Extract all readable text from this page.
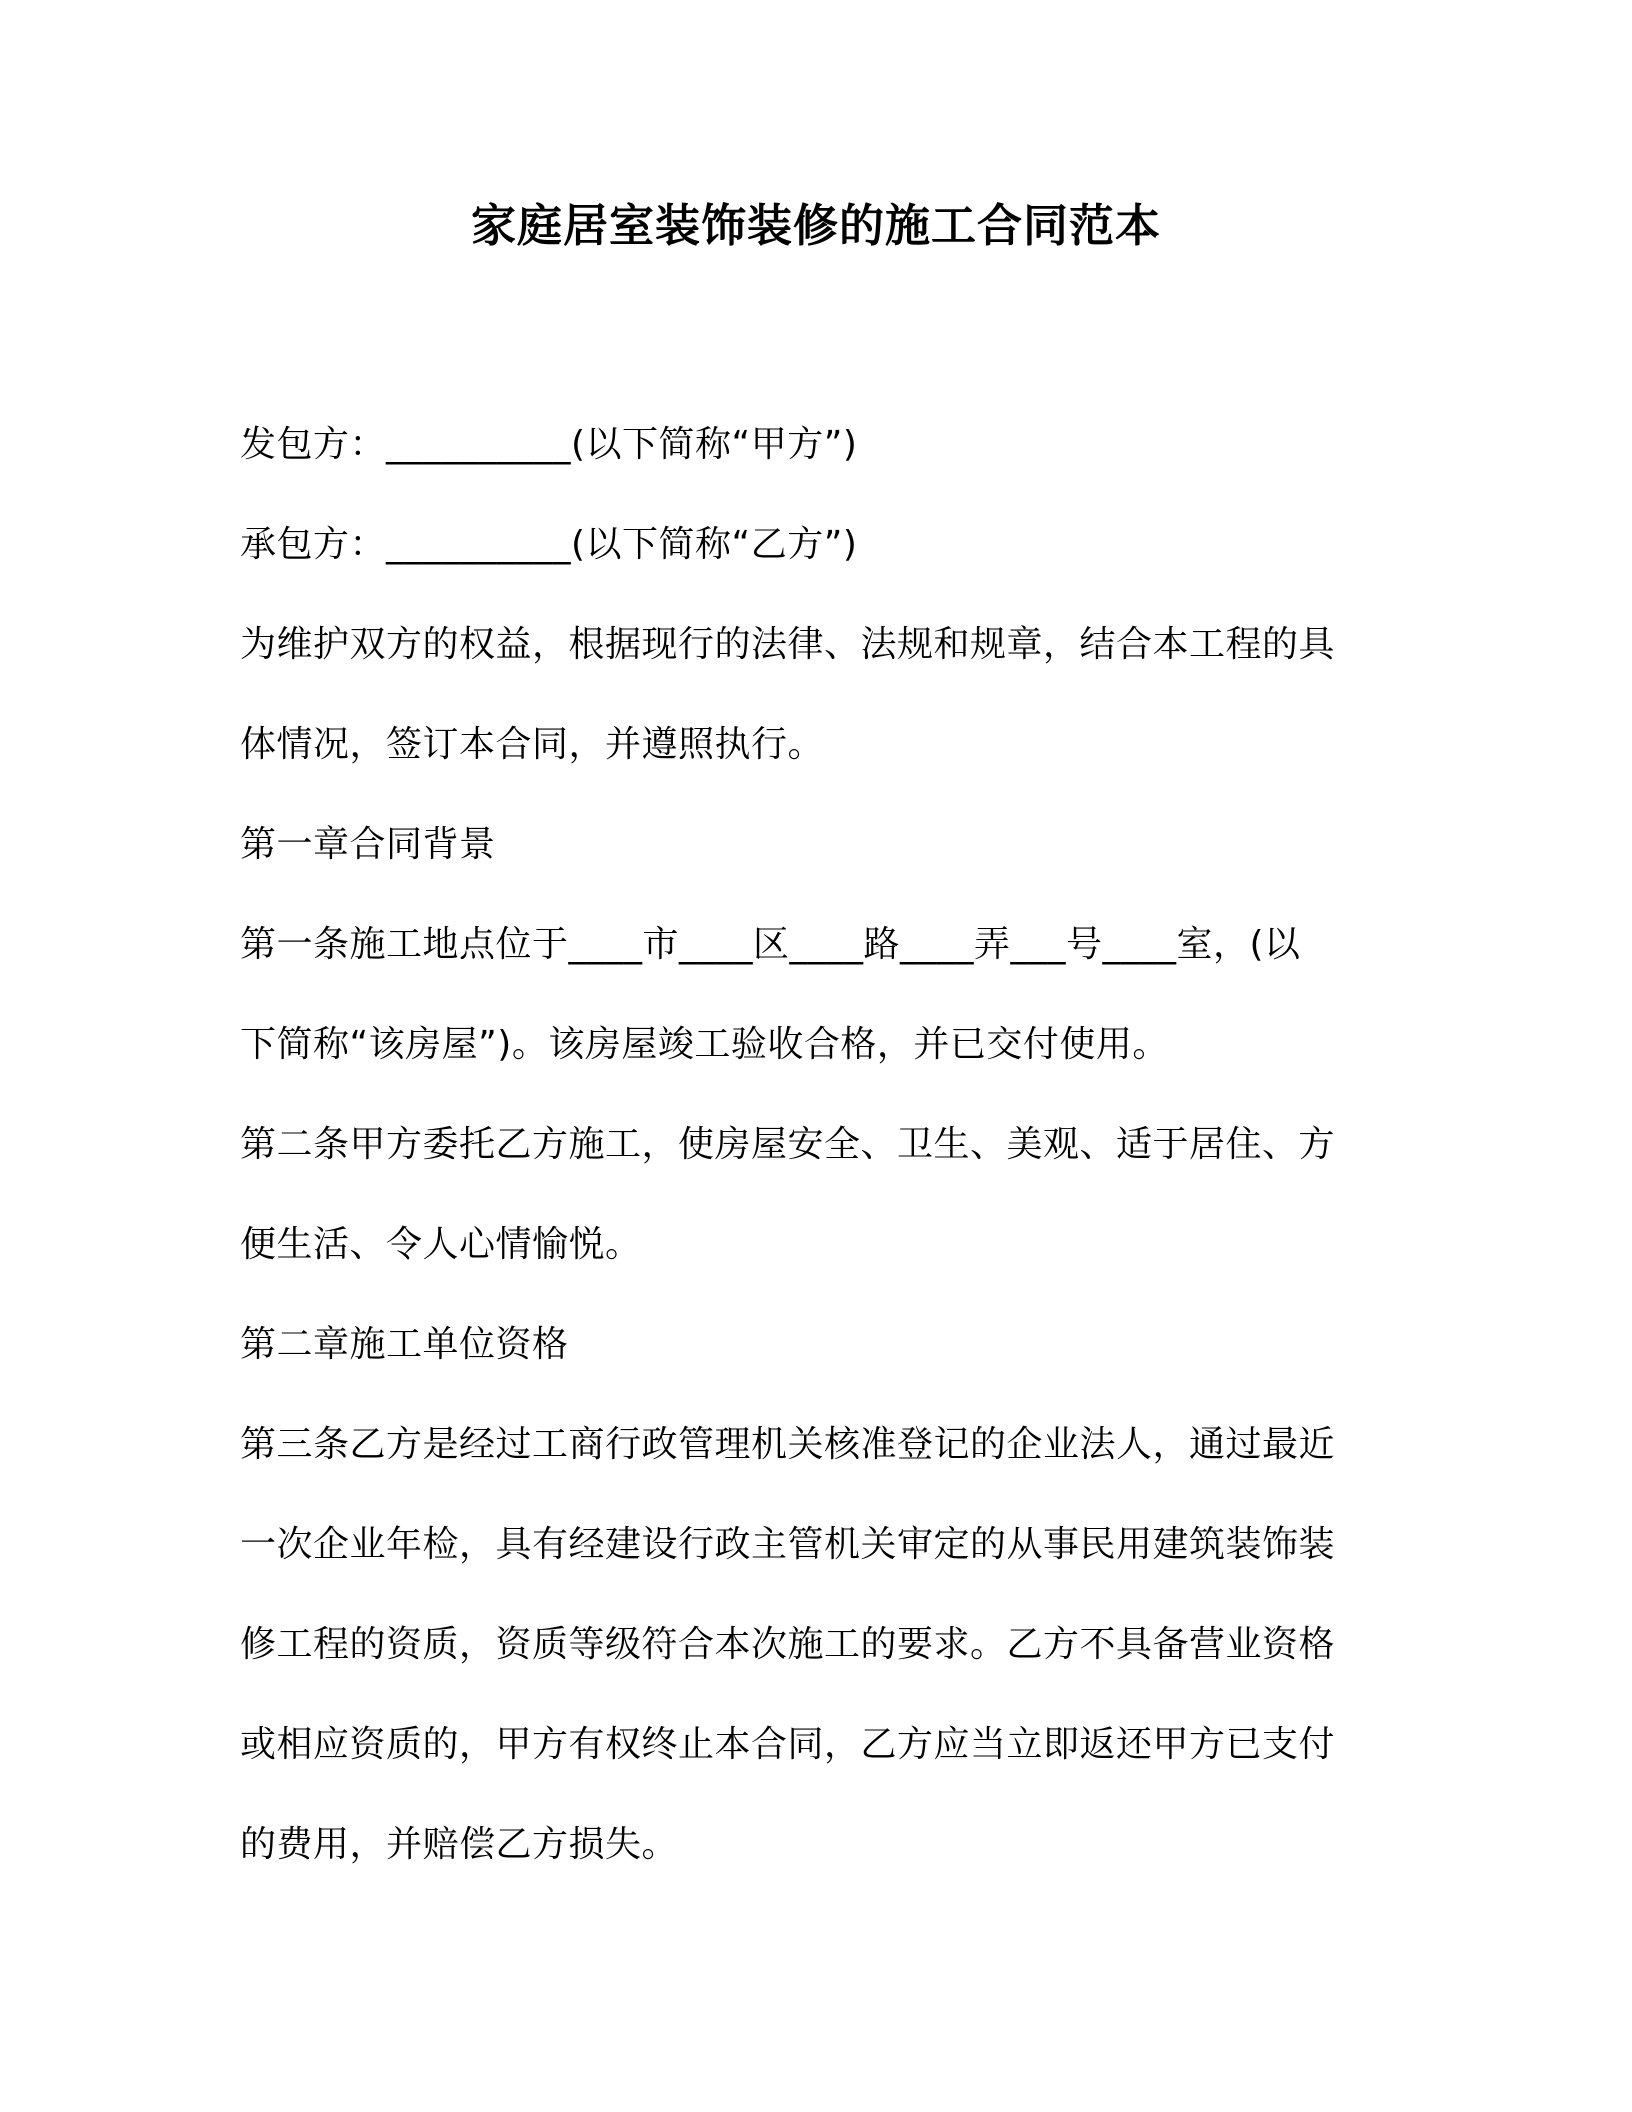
家庭居室装饰装修的施工合同范本
发包方：__________(以下简称“甲方”)
承包方：__________(以下简称“乙方”)
为维护双方的权益，根据现行的法律、法规和规章，结合本工程的具
体情况，签订本合同，并遵照执行。
第一章合同背景
第一条施工地点位于____市____区____路____弄___号____室，(以
下简称“该房屋”)。该房屋竣工验收合格，并已交付使用。
第二条甲方委托乙方施工，使房屋安全、卫生、美观、适于居住、方
便生活、令人心情愉悦。
第二章施工单位资格
第三条乙方是经过工商行政管理机关核准登记的企业法人，通过最近
一次企业年检，具有经建设行政主管机关审定的从事民用建筑装饰装
修工程的资质，资质等级符合本次施工的要求。乙方不具备营业资格
或相应资质的，甲方有权终止本合同，乙方应当立即返还甲方已支付
的费用，并赔偿乙方损失。
